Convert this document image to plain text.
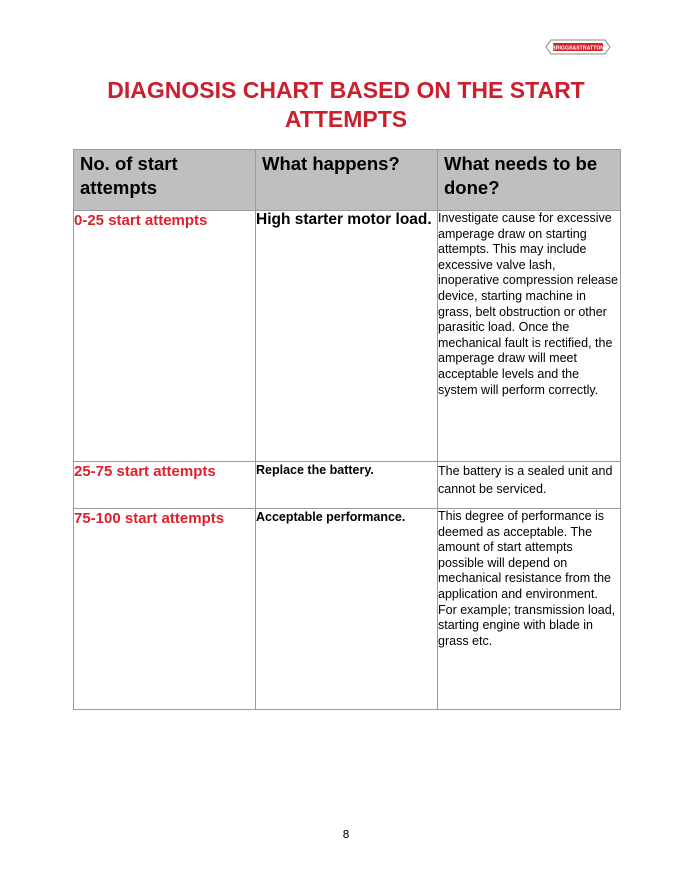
BRIGGS&STRATTON
DIAGNOSIS CHART BASED ON THE START ATTEMPTS
No. of start attempts	What happens?	What needs to be done?
0-25 start attempts	High starter motor load.	Investigate cause for excessive amperage draw on starting attempts. This may include excessive valve lash, inoperative compression release device, starting machine in grass, belt obstruction or other parasitic load. Once the mechanical fault is rectified, the amperage draw will meet acceptable levels and the system will perform correctly.
25-75 start attempts	Replace the battery.	The battery is a sealed unit and cannot be serviced.
75-100 start attempts	Acceptable performance.	This degree of performance is deemed as acceptable. The amount of start attempts possible will depend on mechanical resistance from the application and environment. For example; transmission load, starting engine with blade in grass etc.
8
